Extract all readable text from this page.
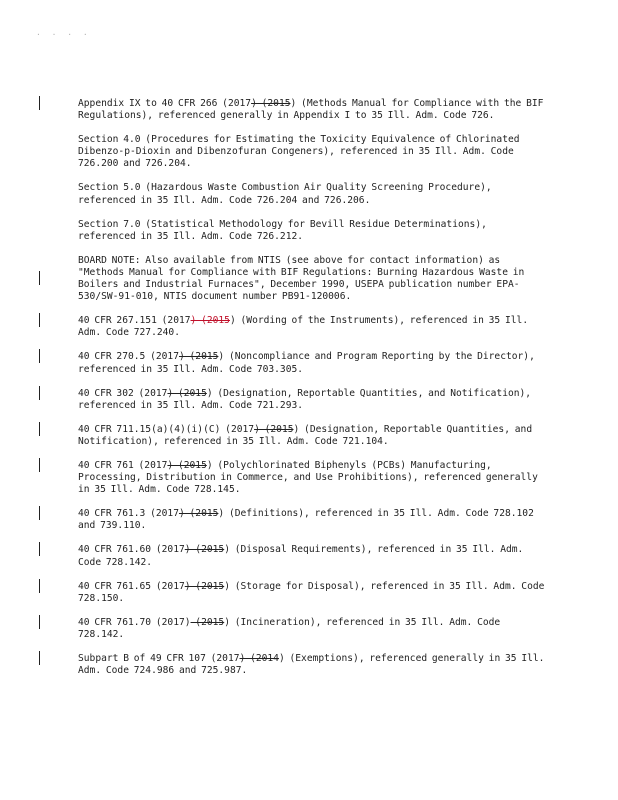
. . . .
Appendix IX to 40 CFR 266 (2017) (2015) (Methods Manual for Compliance with the BIF Regulations), referenced generally in Appendix I to 35 Ill. Adm. Code 726.
Section 4.0 (Procedures for Estimating the Toxicity Equivalence of Chlorinated Dibenzo-p-Dioxin and Dibenzofuran Congeners), referenced in 35 Ill. Adm. Code 726.200 and 726.204.
Section 5.0 (Hazardous Waste Combustion Air Quality Screening Procedure), referenced in 35 Ill. Adm. Code 726.204 and 726.206.
Section 7.0 (Statistical Methodology for Bevill Residue Determinations), referenced in 35 Ill. Adm. Code 726.212.
BOARD NOTE: Also available from NTIS (see above for contact information) as "Methods Manual for Compliance with BIF Regulations: Burning Hazardous Waste in Boilers and Industrial Furnaces", December 1990, USEPA publication number EPA-530/SW-91-010, NTIS document number PB91-120006.
40 CFR 267.151 (2017) (2015) (Wording of the Instruments), referenced in 35 Ill. Adm. Code 727.240.
40 CFR 270.5 (2017) (2015) (Noncompliance and Program Reporting by the Director), referenced in 35 Ill. Adm. Code 703.305.
40 CFR 302 (2017) (2015) (Designation, Reportable Quantities, and Notification), referenced in 35 Ill. Adm. Code 721.293.
40 CFR 711.15(a)(4)(i)(C) (2017) (2015) (Designation, Reportable Quantities, and Notification), referenced in 35 Ill. Adm. Code 721.104.
40 CFR 761 (2017) (2015) (Polychlorinated Biphenyls (PCBs) Manufacturing, Processing, Distribution in Commerce, and Use Prohibitions), referenced generally in 35 Ill. Adm. Code 728.145.
40 CFR 761.3 (2017) (2015) (Definitions), referenced in 35 Ill. Adm. Code 728.102 and 739.110.
40 CFR 761.60 (2017) (2015) (Disposal Requirements), referenced in 35 Ill. Adm. Code 728.142.
40 CFR 761.65 (2017) (2015) (Storage for Disposal), referenced in 35 Ill. Adm. Code 728.150.
40 CFR 761.70 (2017) (2015) (Incineration), referenced in 35 Ill. Adm. Code 728.142.
Subpart B of 49 CFR 107 (2017) (2014) (Exemptions), referenced generally in 35 Ill. Adm. Code 724.986 and 725.987.
